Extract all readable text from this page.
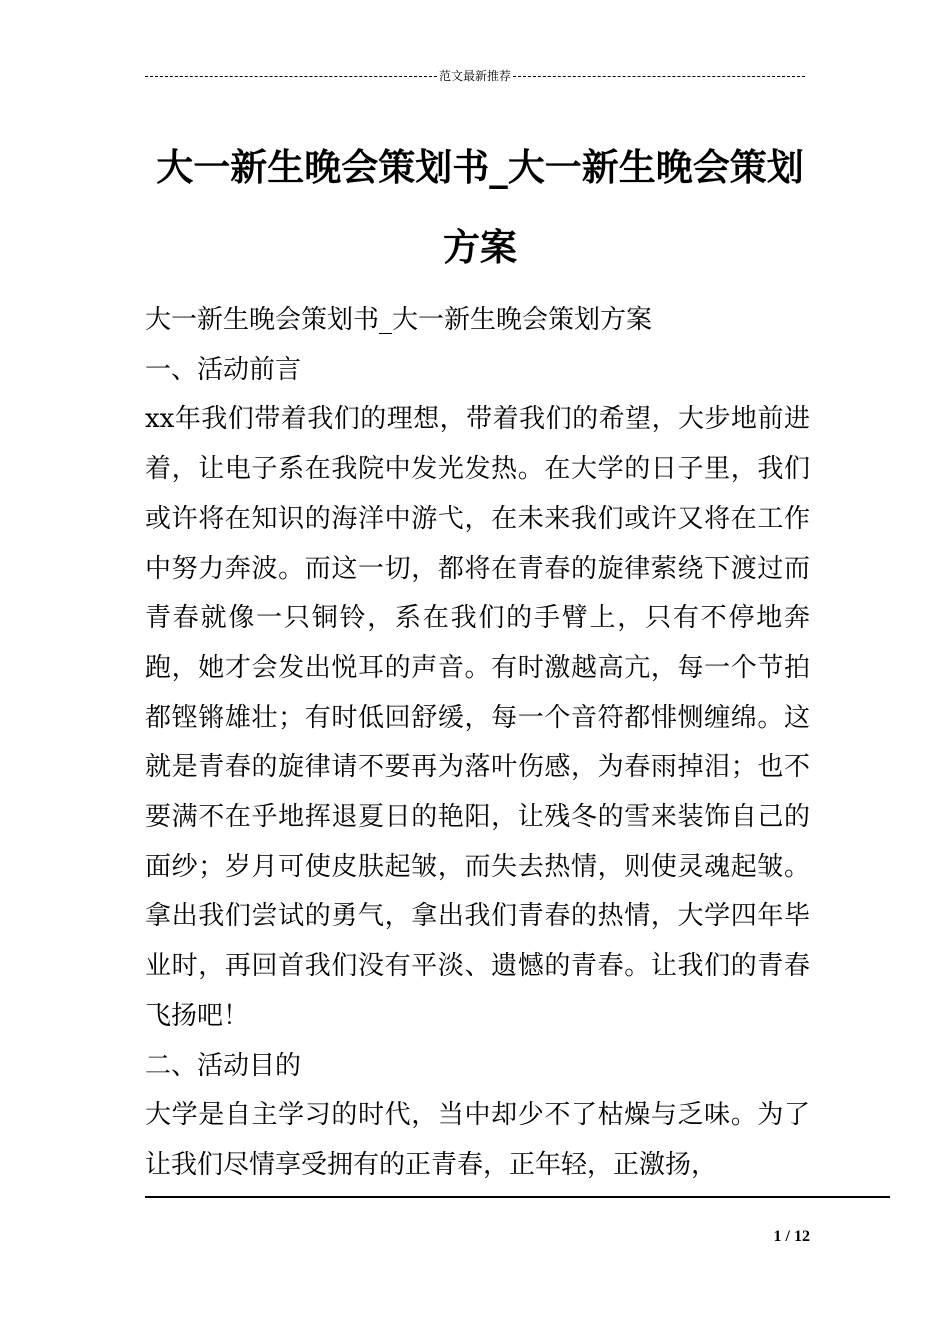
范文最新推荐
大一新生晚会策划书_大一新生晚会策划方案

大一新生晚会策划书_大一新生晚会策划方案

一、活动前言

xx年我们带着我们的理想，带着我们的希望，大步地前进着，让电子系在我院中发光发热。在大学的日子里，我们或许将在知识的海洋中游弋，在未来我们或许又将在工作中努力奔波。而这一切，都将在青春的旋律萦绕下渡过而青春就像一只铜铃，系在我们的手臂上，只有不停地奔跑，她才会发出悦耳的声音。有时激越高亢，每一个节拍都铿锵雄壮；有时低回舒缓，每一个音符都悱恻缠绵。这就是青春的旋律请不要再为落叶伤感，为春雨掉泪；也不要满不在乎地挥退夏日的艳阳，让残冬的雪来装饰自己的面纱；岁月可使皮肤起皱，而失去热情，则使灵魂起皱。拿出我们尝试的勇气，拿出我们青春的热情，大学四年毕业时，再回首我们没有平淡、遗憾的青春。让我们的青春飞扬吧！

二、活动目的

大学是自主学习的时代，当中却少不了枯燥与乏味。为了让我们尽情享受拥有的正青春，正年轻，正激扬，

1 / 12
